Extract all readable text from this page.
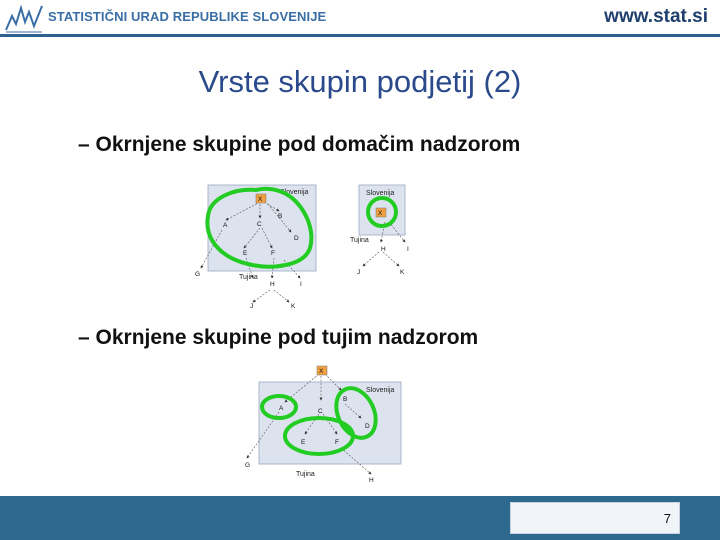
STATISTIČNI URAD REPUBLIKE SLOVENIJE	www.stat.si
Vrste skupin podjetij (2)
– Okrnjene skupine pod domačim nadzorom
– Okrnjene skupine pod tujim nadzorom
Slovenija
Tujina
X
B
A	C
D
E	F
G
H	I
J	K
Slovenija
Tujina
X
H	I
J	K
Slovenija
Tujina
X
A
B
C
D
E	F
G
H
7
